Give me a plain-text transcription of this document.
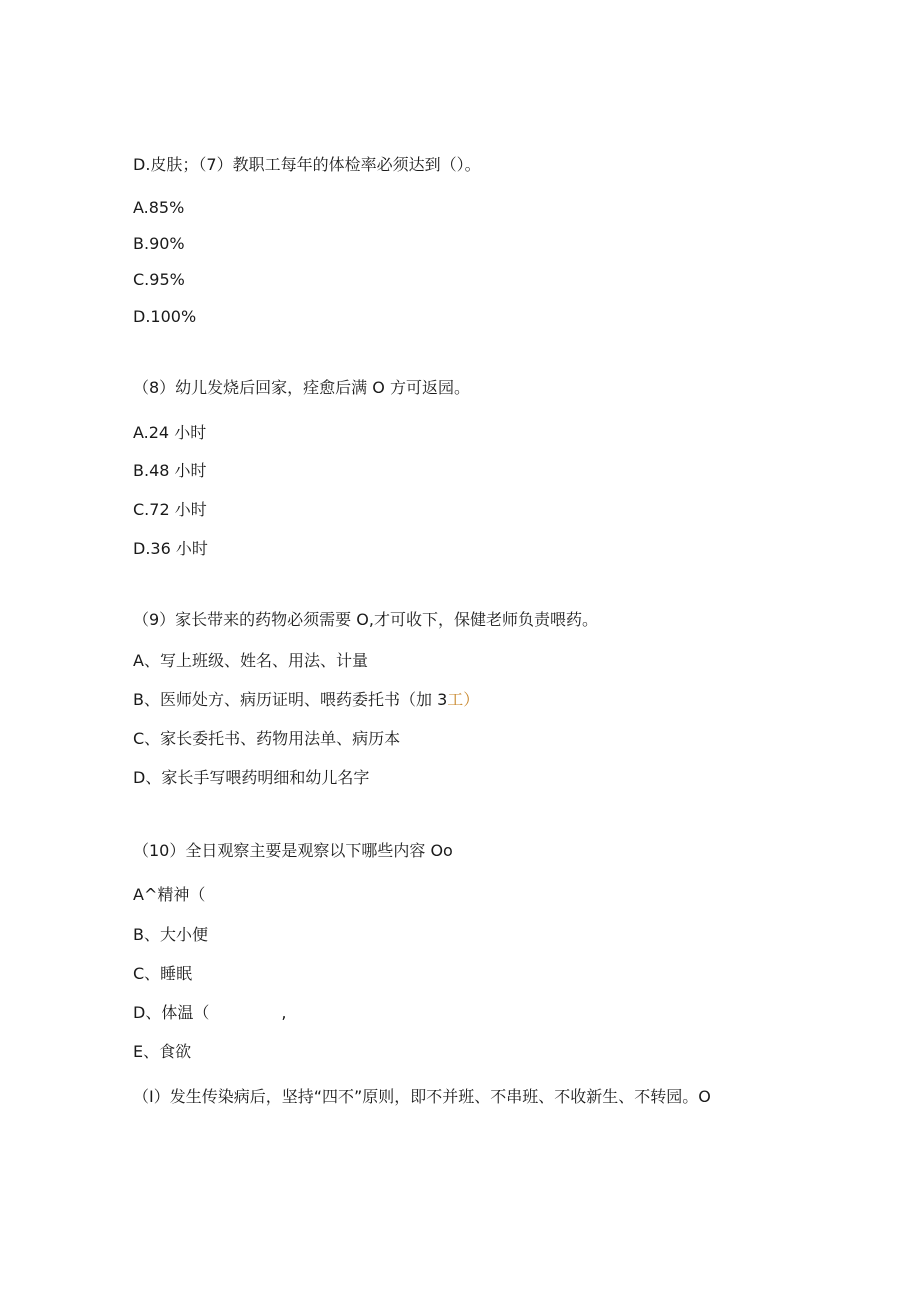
D.皮肤；（7）教职工每年的体检率必须达到（）。
A.85%
B.90%
C.95%
D.100%
（8）幼儿发烧后回家，痊愈后满 O 方可返园。
A.24 小时
B.48 小时
C.72 小时
D.36 小时
（9）家长带来的药物必须需要 O,才可收下，保健老师负责喂药。
A、写上班级、姓名、用法、计量
B、医师处方、病历证明、喂药委托书（加 3工）
C、家长委托书、药物用法单、病历本
D、家长手写喂药明细和幼儿名字
（10）全日观察主要是观察以下哪些内容 Oo
A^精神（
B、大小便
C、睡眠
D、体温（	,
E、食欲
（I）发生传染病后，坚持“四不”原则，即不并班、不串班、不收新生、不转园。O
